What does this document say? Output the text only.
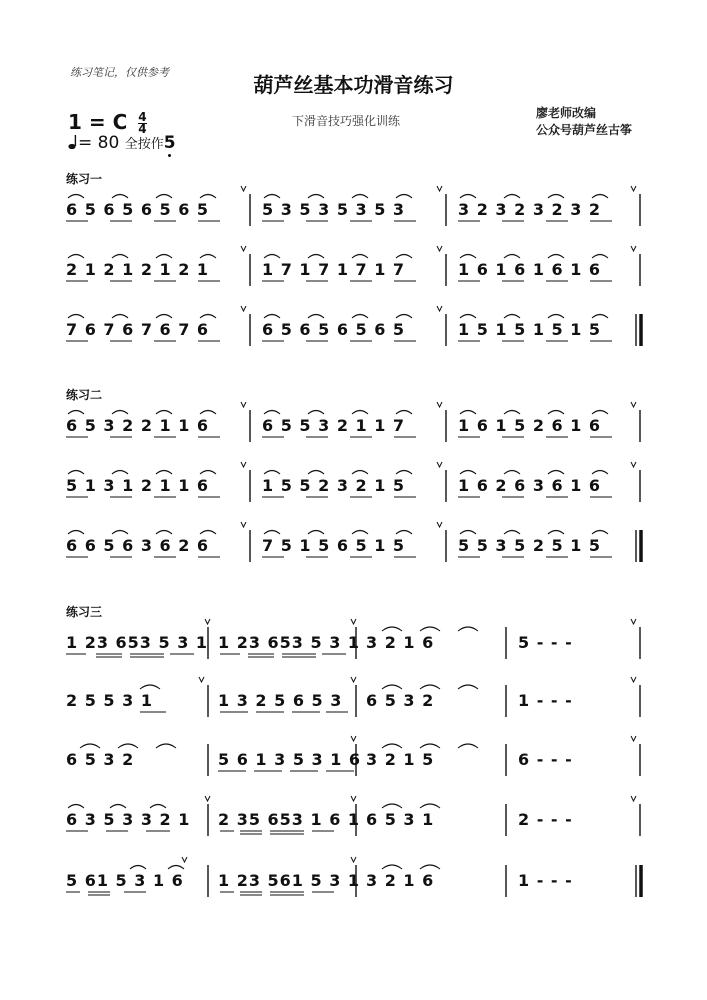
练习笔记，仅供参考
葫芦丝基本功滑音练习
下滑音技巧强化训练
廖老师改编
公众号葫芦丝古筝
1 = C $\frac{4}{4}$
= 80 全按作5
练习一
练习二
练习三
6 5 6 5 6 5 6 5	5 3 5 3 5 3 5 3	3 2 3 2 3 2 3 2
2 1 2 1 2 1 2 1	1 7 1 7 1 7 1 7	1 6 1 6 1 6 1 6
7 6 7 6 7 6 7 6	6 5 6 5 6 5 6 5	1 5 1 5 1 5 1 5
6 5 3 2 2 1 1 6	6 5 5 3 2 1 1 7	1 6 1 5 2 6 1 6
5 1 3 1 2 1 1 6	1 5 5 2 3 2 1 5	1 6 2 6 3 6 1 6
6 6 5 6 3 6 2 6	7 5 1 5 6 5 1 5	5 5 3 5 2 5 1 5
1 23 653 5 3 1 1 23 653 5 3 1 3 2 1 6	5 - - -
2 5 5 3 1	1 3 2 5 6 5 3 6 5 3 2	1 - - -
6 5 3 2	5 6 1 3 5 3 1 6 3 2 1 5	6 - - -
6 3 5 3 3 2 1 2 35 653 1 6 1 6 5 3 1	2 - - -
5 61 5 3 1 6 1 23 561 5 3 1 3 2 1 6	1 - - -
